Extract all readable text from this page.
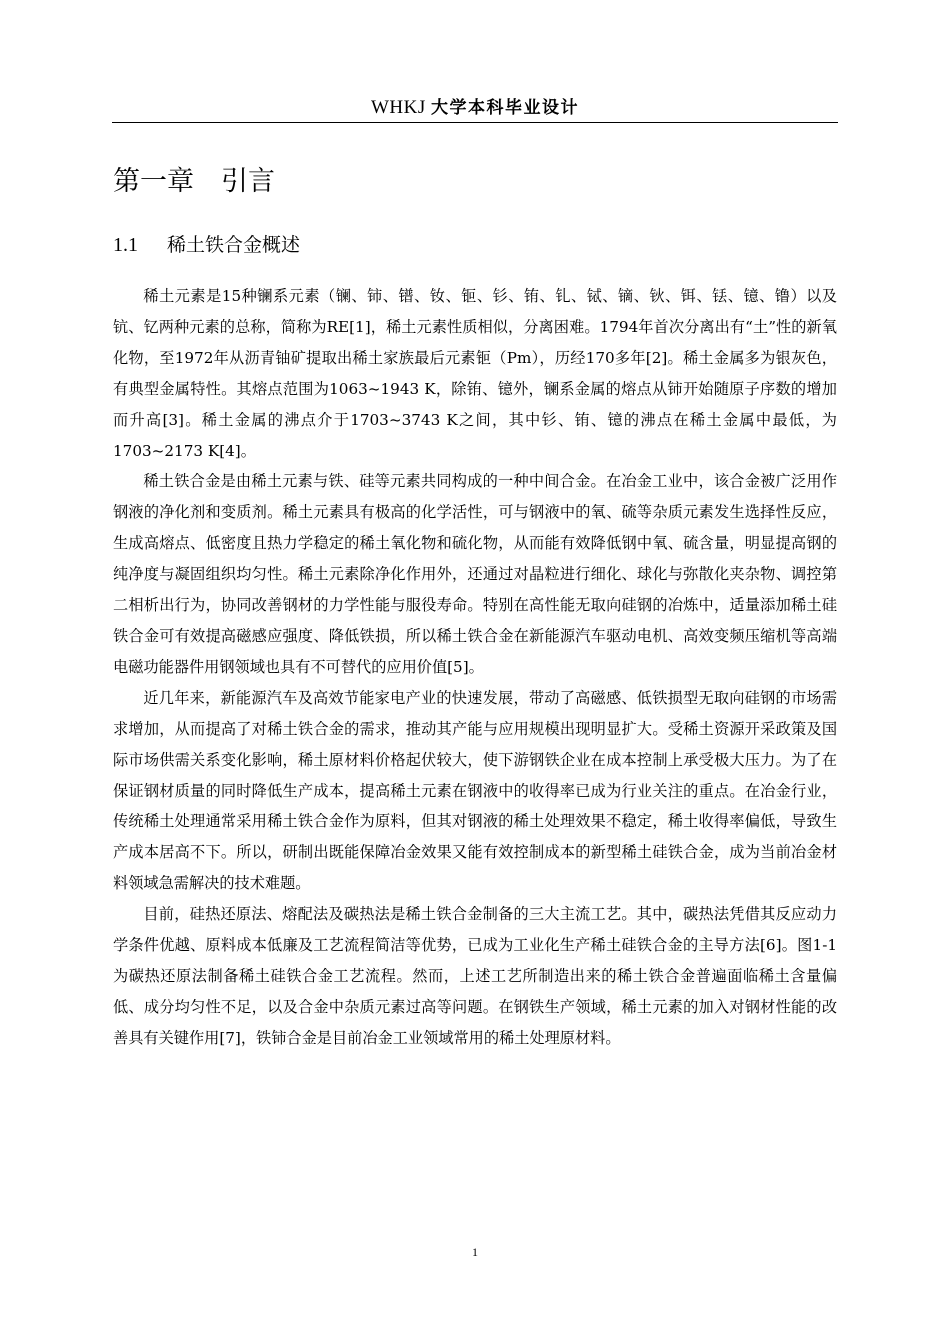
WHKJ 大学本科毕业设计
第一章　引言
1.1 稀土铁合金概述

稀土元素是15种镧系元素（镧、铈、镨、钕、钷、钐、铕、钆、铽、镝、钬、铒、铥、镱、镥）以及钪、钇两种元素的总称，简称为RE[1]，稀土元素性质相似，分离困难。1794年首次分离出有“土”性的新氧化物，至1972年从沥青铀矿提取出稀土家族最后元素钷（Pm），历经170多年[2]。稀土金属多为银灰色，有典型金属特性。其熔点范围为1063~1943 K，除铕、镱外，镧系金属的熔点从铈开始随原子序数的增加而升高[3]。稀土金属的沸点介于1703~3743 K之间，其中钐、铕、镱的沸点在稀土金属中最低，为1703~2173 K[4]。

稀土铁合金是由稀土元素与铁、硅等元素共同构成的一种中间合金。在冶金工业中，该合金被广泛用作钢液的净化剂和变质剂。稀土元素具有极高的化学活性，可与钢液中的氧、硫等杂质元素发生选择性反应，生成高熔点、低密度且热力学稳定的稀土氧化物和硫化物，从而能有效降低钢中氧、硫含量，明显提高钢的纯净度与凝固组织均匀性。稀土元素除净化作用外，还通过对晶粒进行细化、球化与弥散化夹杂物、调控第二相析出行为，协同改善钢材的力学性能与服役寿命。特别在高性能无取向硅钢的冶炼中，适量添加稀土硅铁合金可有效提高磁感应强度、降低铁损，所以稀土铁合金在新能源汽车驱动电机、高效变频压缩机等高端电磁功能器件用钢领域也具有不可替代的应用价值[5]。

近几年来，新能源汽车及高效节能家电产业的快速发展，带动了高磁感、低铁损型无取向硅钢的市场需求增加，从而提高了对稀土铁合金的需求，推动其产能与应用规模出现明显扩大。受稀土资源开采政策及国际市场供需关系变化影响，稀土原材料价格起伏较大，使下游钢铁企业在成本控制上承受极大压力。为了在保证钢材质量的同时降低生产成本，提高稀土元素在钢液中的收得率已成为行业关注的重点。在冶金行业，传统稀土处理通常采用稀土铁合金作为原料，但其对钢液的稀土处理效果不稳定，稀土收得率偏低，导致生产成本居高不下。所以，研制出既能保障冶金效果又能有效控制成本的新型稀土硅铁合金，成为当前冶金材料领域急需解决的技术难题。

目前，硅热还原法、熔配法及碳热法是稀土铁合金制备的三大主流工艺。其中，碳热法凭借其反应动力学条件优越、原料成本低廉及工艺流程简洁等优势，已成为工业化生产稀土硅铁合金的主导方法[6]。图1-1为碳热还原法制备稀土硅铁合金工艺流程。然而，上述工艺所制造出来的稀土铁合金普遍面临稀土含量偏低、成分均匀性不足，以及合金中杂质元素过高等问题。在钢铁生产领域，稀土元素的加入对钢材性能的改善具有关键作用[7]，铁铈合金是目前冶金工业领域常用的稀土处理原材料。

1
